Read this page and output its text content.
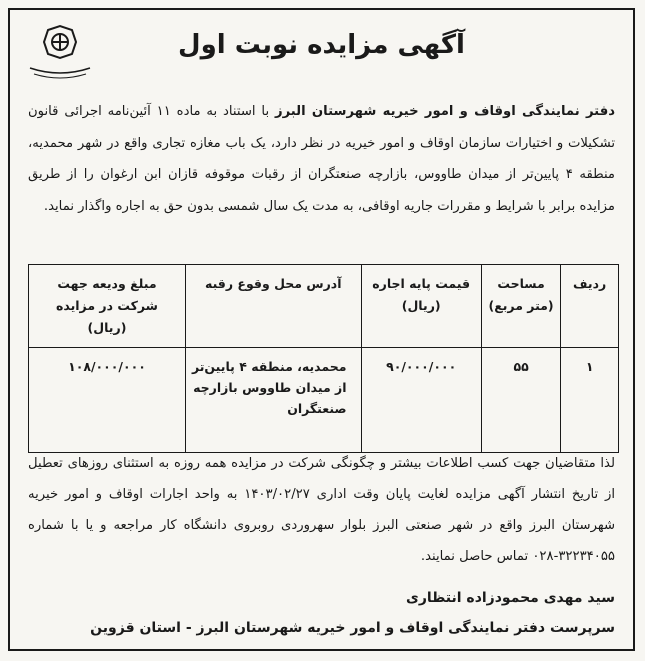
آگهی مزایده نوبت اول
دفتر نمایندگی اوقاف و امور خیریه شهرستان البرز با استناد به ماده ۱۱ آئین‌نامه اجرائی قانون تشکیلات و اختیارات سازمان اوقاف و امور خیریه در نظر دارد، یک باب مغازه تجاری واقع در شهر محمدیه، منطقه ۴ پایین‌تر از میدان طاووس، بازارچه صنعتگران از رقبات موقوفه قازان ابن ارغوان را از طریق مزایده برابر با شرایط و مقررات جاریه اوقافی، به مدت یک سال شمسی بدون حق به اجاره واگذار نماید.
ردیف	مساحت (متر مربع)	قیمت پایه اجاره (ریال)	آدرس محل وقوع رقبه	مبلغ ودیعه جهت شرکت در مزایده (ریال)
۱	۵۵	۹۰/۰۰۰/۰۰۰	محمدیه، منطقه ۴ پایین‌تر از میدان طاووس بازارچه صنعتگران	۱۰۸/۰۰۰/۰۰۰
لذا متقاضیان جهت کسب اطلاعات بیشتر و چگونگی شرکت در مزایده همه روزه به استثنای روزهای تعطیل از تاریخ انتشار آگهی مزایده لغایت پایان وقت اداری ۱۴۰۳/۰۲/۲۷ به واحد اجارات اوقاف و امور خیریه شهرستان البرز واقع در شهر صنعتی البرز بلوار سهروردی روبروی دانشگاه کار مراجعه و یا با شماره ۳۲۲۳۴۰۵۵-۰۲۸ تماس حاصل نمایند.
سید مهدی محمودزاده انتظاری
سرپرست دفتر نمایندگی اوقاف و امور خیریه شهرستان البرز - استان قزوین
